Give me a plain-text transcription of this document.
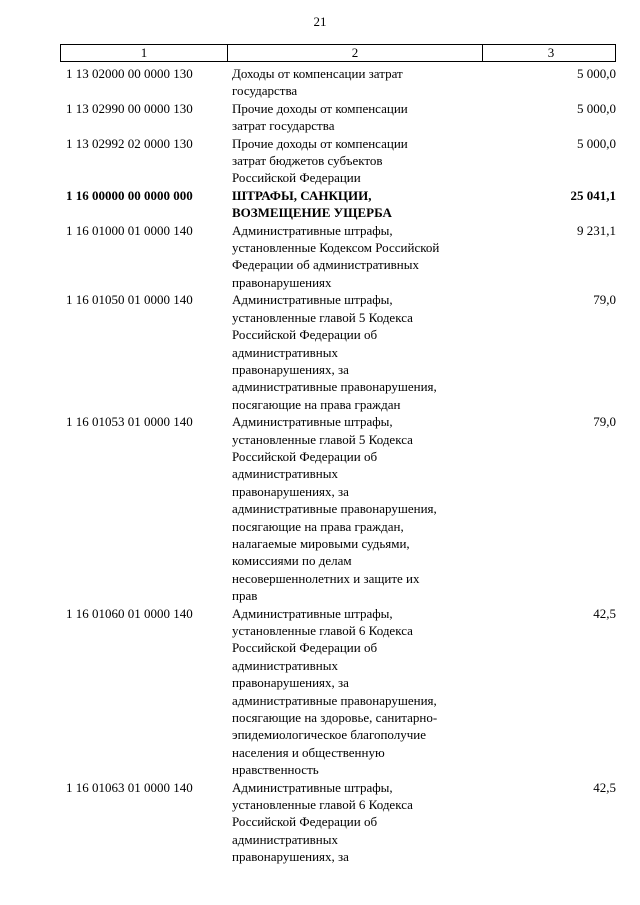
21
1	2	3
1 13 02000 00 0000 130	Доходы от компенсации затрат
государства
5 000,0
1 13 02990 00 0000 130	Прочие доходы от компенсации
затрат государства
5 000,0
1 13 02992 02 0000 130	Прочие доходы от компенсации
затрат бюджетов субъектов
Российской Федерации
5 000,0
1 16 00000 00 0000 000	ШТРАФЫ, САНКЦИИ,
ВОЗМЕЩЕНИЕ УЩЕРБА
25 041,1
1 16 01000 01 0000 140	Административные штрафы,
установленные Кодексом Российской
Федерации об административных
правонарушениях
9 231,1
1 16 01050 01 0000 140	Административные штрафы,
установленные главой 5 Кодекса
Российской Федерации об
административных
правонарушениях, за
административные правонарушения,
посягающие на права граждан
79,0
1 16 01053 01 0000 140	Административные штрафы,
установленные главой 5 Кодекса
Российской Федерации об
административных
правонарушениях, за
административные правонарушения,
посягающие на права граждан,
налагаемые мировыми судьями,
комиссиями по делам
несовершеннолетних и защите их
прав
79,0
1 16 01060 01 0000 140	Административные штрафы,
установленные главой 6 Кодекса
Российской Федерации об
административных
правонарушениях, за
административные правонарушения,
посягающие на здоровье, санитарно-
эпидемиологическое благополучие
населения и общественную
нравственность
42,5
1 16 01063 01 0000 140	Административные штрафы,
установленные главой 6 Кодекса
Российской Федерации об
административных
правонарушениях, за
42,5
